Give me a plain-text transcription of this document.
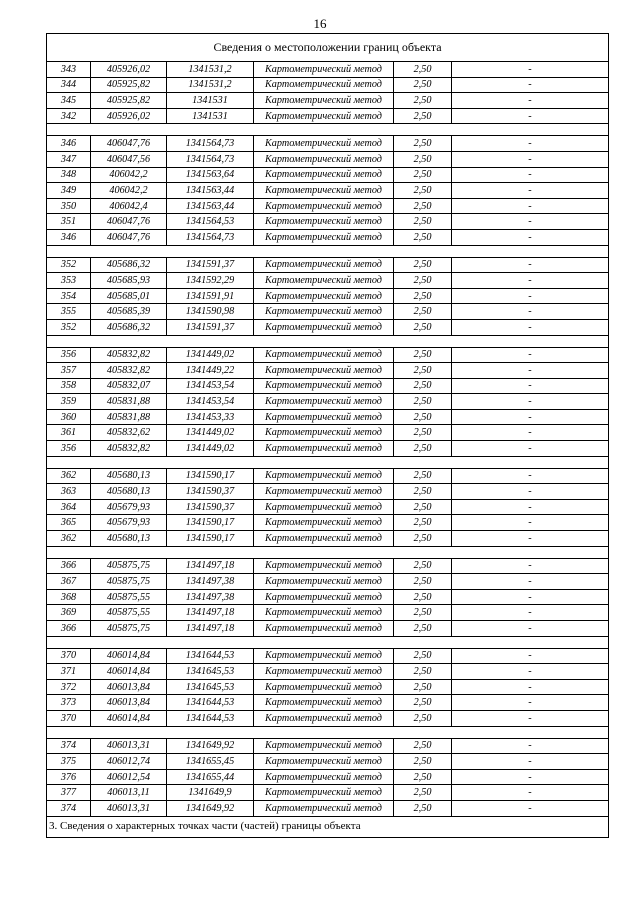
16
Сведения о местоположении границ объекта					
343	405926,02	1341531,2	Картометрический метод	2,50	-
344	405925,82	1341531,2	Картометрический метод	2,50	-
345	405925,82	1341531	Картометрический метод	2,50	-
342	405926,02	1341531	Картометрический метод	2,50	-

346	406047,76	1341564,73	Картометрический метод	2,50	-
347	406047,56	1341564,73	Картометрический метод	2,50	-
348	406042,2	1341563,64	Картометрический метод	2,50	-
349	406042,2	1341563,44	Картометрический метод	2,50	-
350	406042,4	1341563,44	Картометрический метод	2,50	-
351	406047,76	1341564,53	Картометрический метод	2,50	-
346	406047,76	1341564,73	Картометрический метод	2,50	-

352	405686,32	1341591,37	Картометрический метод	2,50	-
353	405685,93	1341592,29	Картометрический метод	2,50	-
354	405685,01	1341591,91	Картометрический метод	2,50	-
355	405685,39	1341590,98	Картометрический метод	2,50	-
352	405686,32	1341591,37	Картометрический метод	2,50	-

356	405832,82	1341449,02	Картометрический метод	2,50	-
357	405832,82	1341449,22	Картометрический метод	2,50	-
358	405832,07	1341453,54	Картометрический метод	2,50	-
359	405831,88	1341453,54	Картометрический метод	2,50	-
360	405831,88	1341453,33	Картометрический метод	2,50	-
361	405832,62	1341449,02	Картометрический метод	2,50	-
356	405832,82	1341449,02	Картометрический метод	2,50	-

362	405680,13	1341590,17	Картометрический метод	2,50	-
363	405680,13	1341590,37	Картометрический метод	2,50	-
364	405679,93	1341590,37	Картометрический метод	2,50	-
365	405679,93	1341590,17	Картометрический метод	2,50	-
362	405680,13	1341590,17	Картометрический метод	2,50	-

366	405875,75	1341497,18	Картометрический метод	2,50	-
367	405875,75	1341497,38	Картометрический метод	2,50	-
368	405875,55	1341497,38	Картометрический метод	2,50	-
369	405875,55	1341497,18	Картометрический метод	2,50	-
366	405875,75	1341497,18	Картометрический метод	2,50	-

370	406014,84	1341644,53	Картометрический метод	2,50	-
371	406014,84	1341645,53	Картометрический метод	2,50	-
372	406013,84	1341645,53	Картометрический метод	2,50	-
373	406013,84	1341644,53	Картометрический метод	2,50	-
370	406014,84	1341644,53	Картометрический метод	2,50	-

374	406013,31	1341649,92	Картометрический метод	2,50	-
375	406012,74	1341655,45	Картометрический метод	2,50	-
376	406012,54	1341655,44	Картометрический метод	2,50	-
377	406013,11	1341649,9	Картометрический метод	2,50	-
374	406013,31	1341649,92	Картометрический метод	2,50	-
3. Сведения о характерных точках части (частей) границы объекта					
